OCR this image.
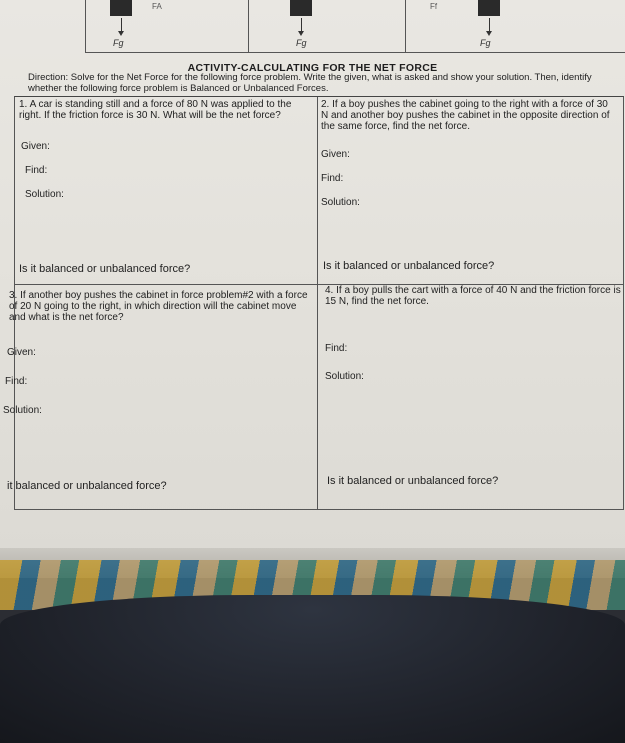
Fg
FA
Fg	Fg
Ff
ACTIVITY-CALCULATING FOR THE NET FORCE
Direction: Solve for the Net Force for the following force problem. Write the given, what is asked and show your solution. Then, identify whether the following force problem is Balanced or Unbalanced Forces.
1. A car is standing still and a force of 80 N was applied to the right. If the friction force is 30 N. What will be the net force?
Given:
Find:
Solution:
Is it balanced or unbalanced force?
2. If a boy pushes the cabinet going to the right with a force of 30 N and another boy pushes the cabinet in the opposite direction of the same force, find the net force.
Given:
Find:
Solution:
Is it balanced or unbalanced force?
3. If another boy pushes the cabinet in force problem#2 with a force of 20 N going to the right, in which direction will the cabinet move and what is the net force?
Given:
Find:
Solution:
it balanced or unbalanced force?
4. If a boy pulls the cart with a force of 40 N and the friction force is 15 N, find the net force.
Find:
Solution:
Is it balanced or unbalanced force?
